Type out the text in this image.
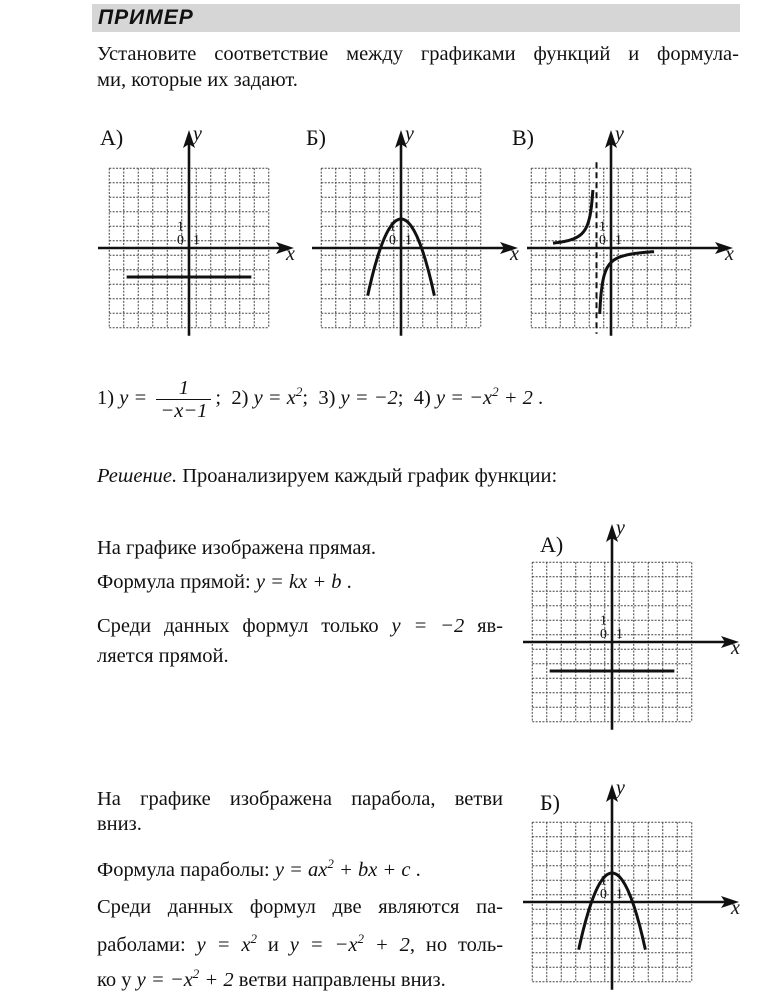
ПРИМЕР
Установите соответствие между графиками функций и формула-
ми, которые их задают.
А)	Б)	В)
y
x
0 1
1
y
x
0 1
1
y
x
0 1
1
1) $y = \frac{1}{-x-1}$ ; 2) $y = x^2$; 3) y = −2; 4) $y = -x^2 + 2$ .
Решение. Проанализируем каждый график функции:
На графике изображена прямая.
Формула прямой: y = kx + b .
Среди данных формул только y = −2 яв-
ляется прямой.
А)
y
x
0 1
1
На графике изображена парабола, ветви
вниз.
Формула параболы: $y = ax^2$ + bx + c .
Среди данных формул две являются па-
раболами: $y = x^2$ и $y = -x^2 + 2$, но толь-
ко у $y = -x^2 + 2$ ветви направлены вниз.
Б)
y
x
0 1
1
